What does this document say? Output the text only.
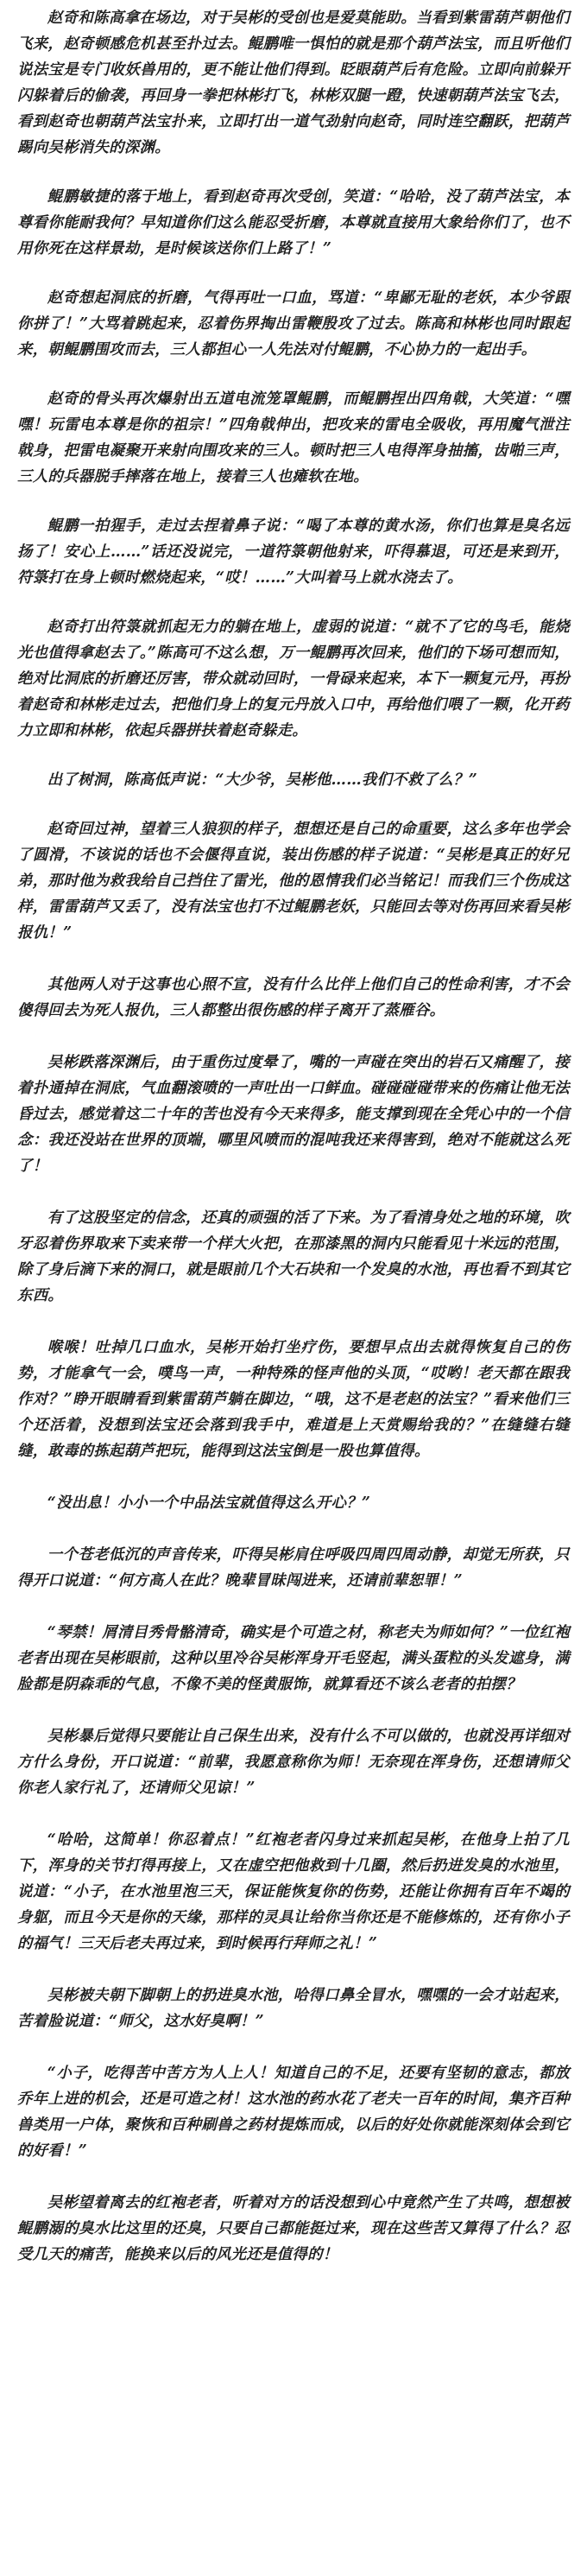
赵奇和陈高拿在场边，对于吴彬的受创也是爱莫能助。当看到紫雷葫芦朝他们飞来，赵奇顿感危机甚至扑过去。鲲鹏唯一惧怕的就是那个葫芦法宝，而且听他们说法宝是专门收妖兽用的，更不能让他们得到。眨眼葫芦后有危险。立即向前躲开闪躲着后的偷袭，再回身一拳把林彬打飞，林彬双腿一蹬，快速朝葫芦法宝飞去，看到赵奇也朝葫芦法宝扑来，立即打出一道气劲射向赵奇，同时连空翻跃，把葫芦踢向吴彬消失的深渊。

鲲鹏敏捷的落于地上，看到赵奇再次受创，笑道：“哈哈，没了葫芦法宝，本尊看你能耐我何？早知道你们这么能忍受折磨，本尊就直接用大象给你们了，也不用你死在这样景劫，是时候该送你们上路了！”

赵奇想起洞底的折磨，气得再吐一口血，骂道：“卑鄙无耻的老妖，本少爷跟你拼了！”大骂着跳起来，忍着伤界掏出雷鞭殷攻了过去。陈高和林彬也同时跟起来，朝鲲鹏围攻而去，三人都担心一人先法对付鲲鹏，不心协力的一起出手。

赵奇的骨头再次爆射出五道电流笼罩鲲鹏，而鲲鹏捏出四角戟，大笑道：“嘿嘿！玩雷电本尊是你的祖宗！”四角戟伸出，把攻来的雷电全吸收，再用魔气泄注戟身，把雷电凝聚开来射向围攻来的三人。顿时把三人电得浑身抽搐，齿啪三声，三人的兵器脱手摔落在地上，接着三人也瘫软在地。

鲲鹏一拍猩手，走过去捏着鼻子说：“喝了本尊的黄水汤，你们也算是臭名远扬了！安心上……”话还没说完，一道符箓朝他射来，吓得慕退，可还是来到开，符箓打在身上顿时燃烧起来，“哎！……”大叫着马上就水浇去了。

赵奇打出符箓就抓起无力的躺在地上，虚弱的说道：“就不了它的鸟毛，能烧光也值得拿赵去了。”陈高可不这么想，万一鲲鹏再次回来，他们的下场可想而知，绝对比洞底的折磨还厉害，带众就动回时，一骨碌来起来，本下一颗复元丹，再扮着赵奇和林彬走过去，把他们身上的复元丹放入口中，再给他们喂了一颗，化开药力立即和林彬，依起兵器拼扶着赵奇躲走。

出了树洞，陈高低声说：“大少爷，吴彬他……我们不救了么？”

赵奇回过神，望着三人狼狈的样子，想想还是自己的命重要，这么多年也学会了圆滑，不该说的话也不会偃得直说，装出伤感的样子说道：“吴彬是真正的好兄弟，那时他为救我给自己挡住了雷光，他的恩情我们必当铭记！而我们三个伤成这样，雷雷葫芦又丢了，没有法宝也打不过鲲鹏老妖，只能回去等对伤再回来看吴彬报仇！”

其他两人对于这事也心照不宣，没有什么比伴上他们自己的性命利害，才不会傻得回去为死人报仇，三人都整出很伤感的样子离开了蒸雁谷。

吴彬跌落深渊后，由于重伤过度晕了，嘴的一声碰在突出的岩石又痛醒了，接着扑通掉在洞底，气血翻滚喷的一声吐出一口鲜血。碰碰碰碰带来的伤痛让他无法昏过去，感觉着这二十年的苦也没有今天来得多，能支撑到现在全凭心中的一个信念：我还没站在世界的顶端，哪里风喷而的混吨我还来得害到，绝对不能就这么死了！

有了这股坚定的信念，还真的顽强的活了下来。为了看清身处之地的环境，吹牙忍着伤界取来下卖来带一个样大火把，在那漆黑的洞内只能看见十米远的范围，除了身后滴下来的洞口，就是眼前几个大石块和一个发臭的水池，再也看不到其它东西。

喉喉！吐掉几口血水，吴彬开始打坐疗伤，要想早点出去就得恢复自己的伤势，才能拿气一会，噗鸟一声，一种特殊的怪声他的头顶，“哎哟！老天都在跟我作对？”睁开眼睛看到紫雷葫芦躺在脚边，“哦，这不是老赵的法宝？”看来他们三个还活着，没想到法宝还会落到我手中，难道是上天赏赐给我的？”在缝缝右缝缝，敢毒的拣起葫芦把玩，能得到这法宝倒是一股也算值得。

“没出息！小小一个中品法宝就值得这么开心？”

一个苍老低沉的声音传来，吓得吴彬肩住呼吸四周四周动静，却觉无所获，只得开口说道：“何方高人在此？晚辈冒昧闯进来，还请前辈恕罪！”

“琴禁！屑清目秀骨骼清奇，确实是个可造之材，称老夫为师如何？”一位红袍老者出现在吴彬眼前，这种以里冷谷吴彬浑身开毛竖起，满头蛋粒的头发遮身，满脸都是阴森乖的气息，不像不美的怪黄服饰，就算看还不该么老者的拍摆？

吴彬暴后觉得只要能让自己保生出来，没有什么不可以做的，也就没再详细对方什么身份，开口说道：“前辈，我愿意称你为师！无奈现在浑身伤，还想请师父你老人家行礼了，还请师父见谅！”

“哈哈，这简单！你忍着点！”红袍老者闪身过来抓起吴彬，在他身上拍了几下，浑身的关节打得再接上，又在虚空把他救到十几圈，然后扔进发臭的水池里，说道：“小子，在水池里泡三天，保证能恢复你的伤势，还能让你拥有百年不竭的身躯，而且今天是你的天缘，那样的灵具让给你当你还是不能修炼的，还有你小子的福气！三天后老夫再过来，到时候再行拜师之礼！”

吴彬被夫朝下脚朝上的扔进臭水池，哈得口鼻全冒水，嘿嘿的一会才站起来，苦着脸说道：“师父，这水好臭啊！”

“小子，吃得苦中苦方为人上人！知道自己的不足，还要有坚韧的意志，都放乔年上进的机会，还是可造之材！这水池的药水花了老夫一百年的时间，集齐百种兽类用一户体，聚恢和百种刷兽之药材提炼而成，以后的好处你就能深刻体会到它的好看！”

吴彬望着离去的红袍老者，听着对方的话没想到心中竟然产生了共鸣，想想被鲲鹏溺的臭水比这里的还臭，只要自己都能挺过来，现在这些苦又算得了什么？忍受几天的痛苦，能换来以后的风光还是值得的！
